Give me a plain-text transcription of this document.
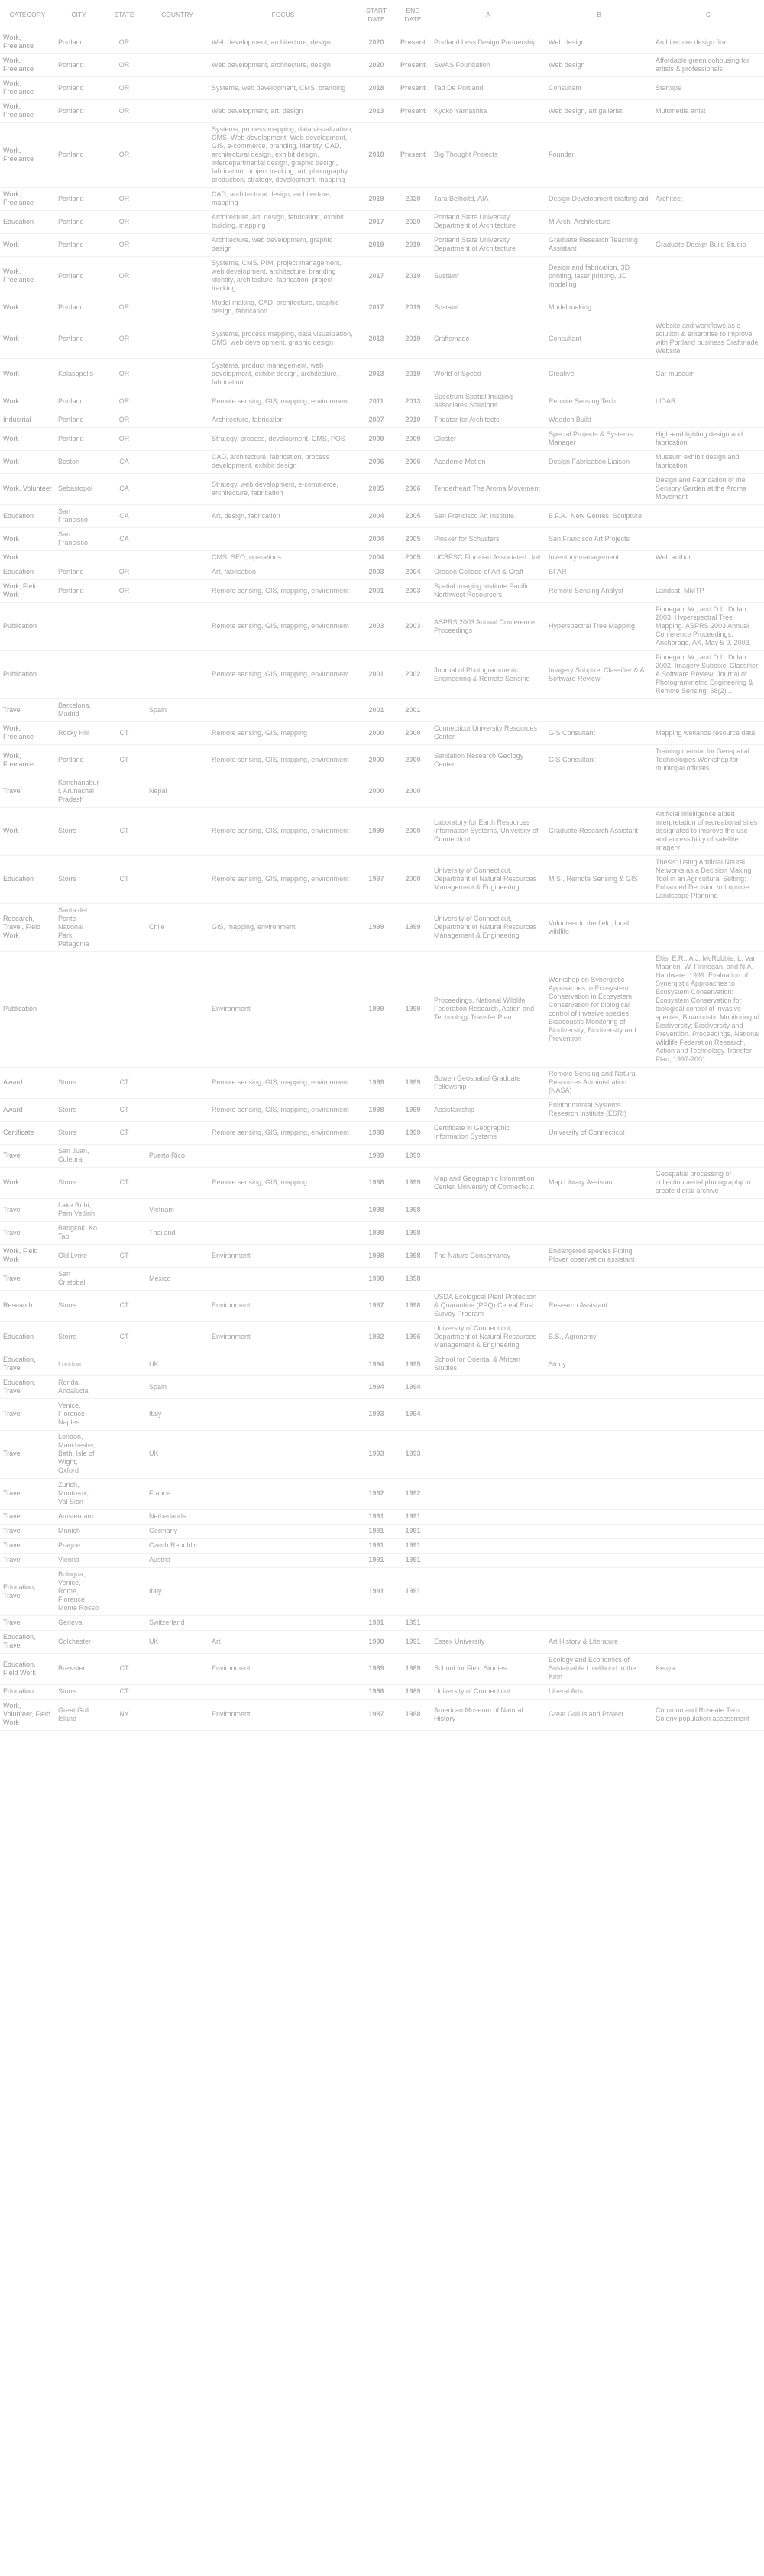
CATEGORY	CITY	STATE	COUNTRY	FOCUS	START DATE	END DATE	A	B	C
Work, Freelance	Portland	OR		Web development, architecture, design	2020	Present	Portland Less Design Partnership	Web design	Architecture design firm
Work, Freelance	Portland	OR		Web development, architecture, design	2020	Present	SWAS Foundation	Web design	Affordable green cohousing for artists & professionals
Work, Freelance	Portland	OR		Systems, web development, CMS, branding	2018	Present	Tad De Portland	Consultant	Startups
Work, Freelance	Portland	OR		Web development, art, design	2013	Present	Kyoko Yamashita	Web design, art gallerist	Multimedia artist
Work, Freelance	Portland	OR		Systems, process mapping, data visualization, CMS, Web development, Web development, GIS, e-commerce, branding, identity, CAD, architectural design, exhibit design, interdepartmental design, graphic design, fabrication, project tracking, art, photography, production, strategy, development, mapping	2018	Present	Big Thought Projects	Founder	
Work, Freelance	Portland	OR		CAD, architectural design, architecture, mapping	2019	2020	Tara Belholtd, AIA	Design Development drafting aid	Architect
Education	Portland	OR		Architecture, art, design, fabrication, exhibit building, mapping	2017	2020	Portland State University, Department of Architecture	M.Arch. Architecture	
Work	Portland	OR		Architecture, web development, graphic design	2019	2019	Portland State University, Department of Architecture	Graduate Research Teaching Assistant	Graduate Design Build Studio
Work, Freelance	Portland	OR		Systems, CMS, PIM, project management, web development, architecture, branding identity, architecture, fabrication, project tracking	2017	2019	Sustainf	Design and fabrication, 3D printing, laser printing, 3D modeling	
Work	Portland	OR		Model making, CAD, architecture, graphic design, fabrication	2017	2019	Sustainf	Model making	
Work	Portland	OR		Systems, process mapping, data visualization, CMS, web development, graphic design	2013	2019	Craftsmade	Consultant	Website and workflows as a solution & enterprise to improve with Portland business Craftmade Website
Work	Kalasopolis	OR		Systems, product management, web development, exhibit design, architecture, fabrication	2013	2019	World of Speed	Creative	Car museum
Work	Portland	OR		Remote sensing, GIS, mapping, environment	2011	2013	Spectrum Spatial Imaging Associates Solutions	Remote Sensing Tech	LIDAR
Industrial	Portland	OR		Architecture, fabrication	2007	2010	Theater for Architects	Wooden Build	
Work	Portland	OR		Strategy, process, development, CMS, POS	2009	2009	Gloster	Special Projects & Systems Manager	High-end lighting design and fabrication
Work	Boston	CA		CAD, architecture, fabrication, process development, exhibit design	2006	2006	Academe Motion	Design Fabrication Liaison	Museum exhibit design and fabrication
Work, Volunteer	Sebastopol	CA		Strategy, web development, e-commerce, architecture, fabrication	2005	2006	Tenderheart The Aroma Movement		Design and Fabrication of the Sensory Garden at the Aroma Movement
Education	San Francisco	CA		Art, design, fabrication	2004	2005	San Francisco Art Institute	B.F.A., New Genres, Sculpture	
Work	San Francisco	CA			2004	2005	Pinsker for Schusters	San Francisco Art Projects	
Work				CMS, SEO, operations	2004	2005	UCBPSC Flomrian Associated Unit	Inventory management	Web author
Education	Portland	OR		Art, fabrication	2003	2004	Oregon College of Art & Craft	BFAR	
Work, Field Work	Portland	OR		Remote sensing, GIS, mapping, environment	2001	2003	Spatial Imaging Institute Pacific Northwest Resourcers	Remote Sensing Analyst	Landsat, MMTP
Publication				Remote sensing, GIS, mapping, environment	2003	2003	ASPRS 2003 Annual Conference Proceedings	Hyperspectral Tree Mapping	Finnegan, W., and O.L. Dolan. 2003. Hyperspectral Tree Mapping. ASPRS 2003 Annual Conference Proceedings, Anchorage, AK, May 5-9, 2003.
Publication				Remote sensing, GIS, mapping, environment	2001	2002	Journal of Photogrammetric Engineering & Remote Sensing	Imagery Subpixel Classifier & A Software Review	Finnegan, W., and O.L. Dolan. 2002. Imagery Subpixel Classifier: A Software Review. Journal of Photogrammetric Engineering & Remote Sensing, 68(2)...
Travel	Barcelona, Madrid		Spain		2001	2001			
Work, Freelance	Rocky Hill	CT		Remote sensing, GIS, mapping	2000	2000	Connecticut University Resources Center	GIS Consultant	Mapping wetlands resource data
Work, Freelance	Portland	CT		Remote sensing, GIS, mapping, environment	2000	2000	Sanitation Research Geology Center	GIS Consultant	Training manual for Geospatial Technologies Workshop for municipal officials
Travel	Kanchanaburi, Arunachal Pradesh		Nepal		2000	2000			
Work	Storrs	CT		Remote sensing, GIS, mapping, environment	1999	2000	Laboratory for Earth Resources Information Systems, University of Connecticut	Graduate Research Assistant	Artificial intelligence aided interpretation of recreational sites designated to improve the use and accessibility of satellite imagery
Education	Storrs	CT		Remote sensing, GIS, mapping, environment	1997	2000	University of Connecticut, Department of Natural Resources Management & Engineering	M.S., Remote Sensing & GIS	Thesis: Using Artificial Neural Networks as a Decision Making Tool in an Agricultural Setting: Enhanced Decision to Improve Landscape Planning
Research, Travel, Field Work	Santa del Ponte National Park, Patagonia		Chile	GIS, mapping, environment	1999	1999	University of Connecticut, Department of Natural Resources Management & Engineering	Volunteer in the field, local wildlife	
Publication				Environment	1999	1999	Proceedings, National Wildlife Federation Research, Action and Technology Transfer Plan	Workshop on Synergistic Approaches to Ecosystem Conservation in Ecosystem Conservation for biological control of invasive species, Bioacoustic Monitoring of Biodiversity; Biodiversity and Prevention	Ellis, E.R., A.J. McRobbie, L. Van Maanen, W. Finnegan, and N.A. Hardware. 1999. Evaluation of Synergistic Approaches to Ecosystem Conservation: Ecosystem Conservation for biological control of invasive species; Bioacoustic Monitoring of Biodiversity; Biodiversity and Prevention. Proceedings, National Wildlife Federation Research, Action and Technology Transfer Plan, 1997-2001.
Award	Storrs	CT		Remote sensing, GIS, mapping, environment	1999	1999	Bowen Geospatial Graduate Fellowship	Remote Sensing and Natural Resources Administration (NASA)	
Award	Storrs	CT		Remote sensing, GIS, mapping, environment	1998	1999	Assistantship	Environmental Systems Research Institute (ESRI)	
Certificate	Storrs	CT		Remote sensing, GIS, mapping, environment	1998	1999	Certificate in Geographic Information Systems	University of Connecticut	
Travel	San Juan, Culebra		Puerto Rico		1999	1999			
Work	Storrs	CT		Remote sensing, GIS, mapping	1998	1999	Map and Geographic Information Center, University of Connecticut	Map Library Assistant	Geospatial processing of collection aerial photography to create digital archive
Travel	Lake Ruhi, Pam Vetlinh		Vietnam		1998	1998			
Travel	Bangkok, Ko Tao		Thailand		1998	1998			
Work, Field Work	Old Lyme	CT		Environment	1998	1998	The Nature Conservancy	Endangered species Piping Plover observation assistant	
Travel	San Cristobal		Mexico		1998	1998			
Research	Storrs	CT		Environment	1997	1998	USDA Ecological Plant Protection & Quarantine (PPQ) Cereal Rust Survey Program	Research Assistant	
Education	Storrs	CT		Environment	1992	1996	University of Connecticut, Department of Natural Resources Management & Engineering	B.S., Agronomy	
Education, Travel	London		UK		1994	1995	School for Oriental & African Studies	Study	
Education, Travel	Ronda, Andalucia		Spain		1994	1994			
Travel	Venice, Florence, Naples		Italy		1993	1994			
Travel	London, Manchester, Bath, Isle of Wight, Oxford		UK		1993	1993			
Travel	Zurich, Montreux, Val Sion		France		1992	1992			
Travel	Amsterdam		Netherlands		1991	1991			
Travel	Munich		Germany		1991	1991			
Travel	Prague		Czech Republic		1991	1991			
Travel	Vienna		Austria		1991	1991			
Education, Travel	Bologna, Venice, Rome, Florence, Monte Rosso		Italy		1991	1991			
Travel	Geneva		Switzerland		1991	1991			
Education, Travel	Colchester		UK	Art	1990	1991	Essex University	Art History & Literature	
Education, Field Work	Brewster	CT		Environment	1989	1989	School for Field Studies	Ecology and Economics of Sustainable Livelihood in the Kirin	Kenya
Education	Storrs	CT			1986	1989	University of Connecticut	Liberal Arts	
Work, Volunteer, Field Work	Great Gull Island	NY		Environment	1987	1988	American Museum of Natural History	Great Gull Island Project	Common and Roseate Tern Colony population assessment
